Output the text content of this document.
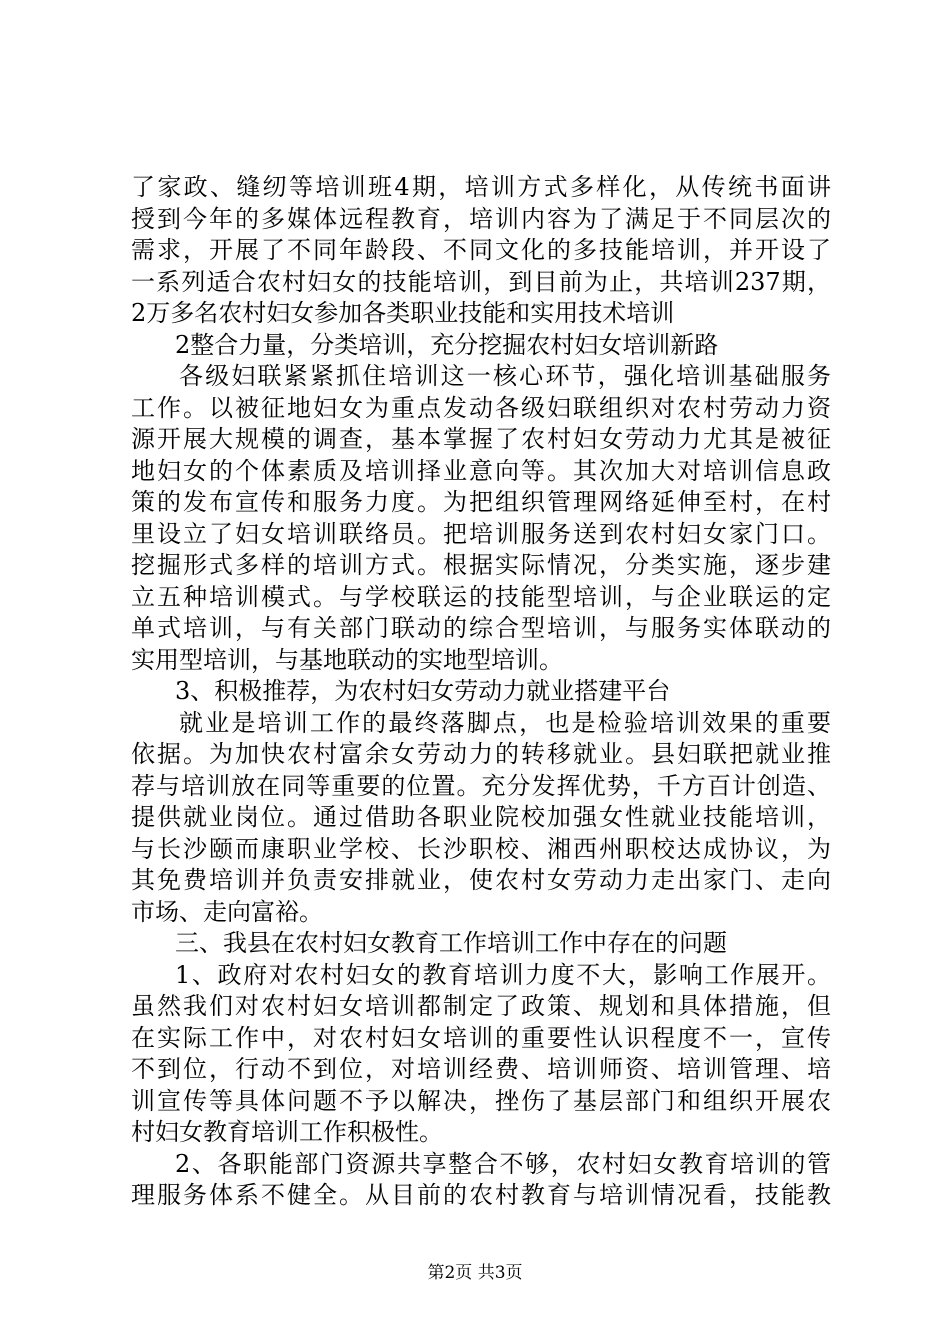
了家政、缝纫等培训班4期，培训方式多样化，从传统书面讲
授到今年的多媒体远程教育，培训内容为了满足于不同层次的
需求，开展了不同年龄段、不同文化的多技能培训，并开设了
一系列适合农村妇女的技能培训，到目前为止，共培训237期，
2万多名农村妇女参加各类职业技能和实用技术培训
2整合力量，分类培训，充分挖掘农村妇女培训新路
各级妇联紧紧抓住培训这一核心环节，强化培训基础服务
工作。以被征地妇女为重点发动各级妇联组织对农村劳动力资
源开展大规模的调查，基本掌握了农村妇女劳动力尤其是被征
地妇女的个体素质及培训择业意向等。其次加大对培训信息政
策的发布宣传和服务力度。为把组织管理网络延伸至村，在村
里设立了妇女培训联络员。把培训服务送到农村妇女家门口。
挖掘形式多样的培训方式。根据实际情况，分类实施，逐步建
立五种培训模式。与学校联运的技能型培训，与企业联运的定
单式培训，与有关部门联动的综合型培训，与服务实体联动的
实用型培训，与基地联动的实地型培训。
3、积极推荐，为农村妇女劳动力就业搭建平台
就业是培训工作的最终落脚点，也是检验培训效果的重要
依据。为加快农村富余女劳动力的转移就业。县妇联把就业推
荐与培训放在同等重要的位置。充分发挥优势，千方百计创造、
提供就业岗位。通过借助各职业院校加强女性就业技能培训，
与长沙颐而康职业学校、长沙职校、湘西州职校达成协议，为
其免费培训并负责安排就业，使农村女劳动力走出家门、走向
市场、走向富裕。
三、我县在农村妇女教育工作培训工作中存在的问题
1、政府对农村妇女的教育培训力度不大，影响工作展开。
虽然我们对农村妇女培训都制定了政策、规划和具体措施，但
在实际工作中，对农村妇女培训的重要性认识程度不一，宣传
不到位，行动不到位，对培训经费、培训师资、培训管理、培
训宣传等具体问题不予以解决，挫伤了基层部门和组织开展农
村妇女教育培训工作积极性。
2、各职能部门资源共享整合不够，农村妇女教育培训的管
理服务体系不健全。从目前的农村教育与培训情况看，技能教
第2页 共3页
